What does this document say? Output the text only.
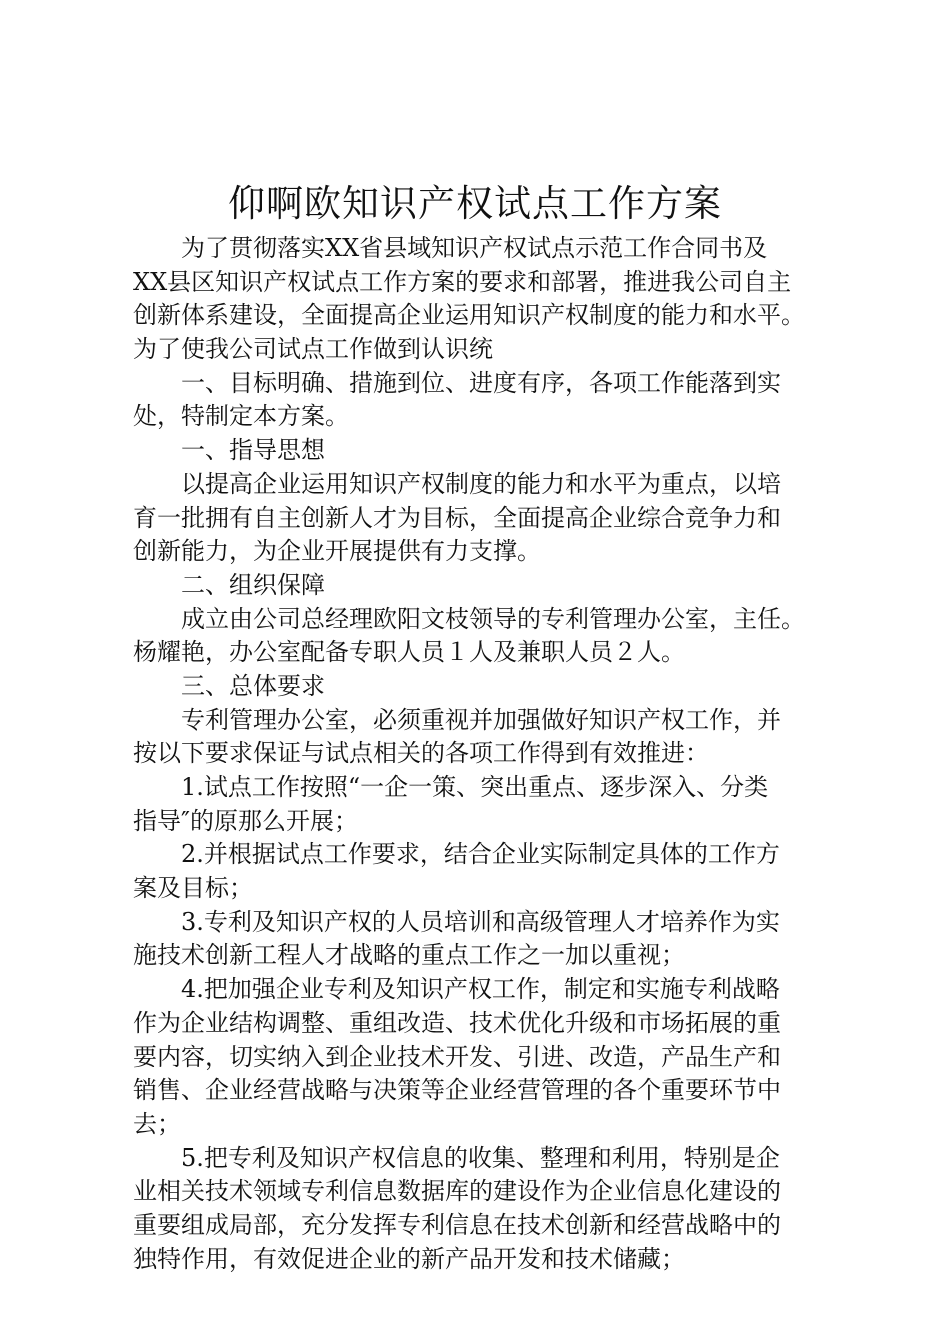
仰啊欧知识产权试点工作方案
为了贯彻落实XX省县域知识产权试点示范工作合同书及
XX县区知识产权试点工作方案的要求和部署，推进我公司自主
创新体系建设，全面提高企业运用知识产权制度的能力和水平。
为了使我公司试点工作做到认识统
一、目标明确、措施到位、进度有序，各项工作能落到实
处，特制定本方案。
一、指导思想
以提高企业运用知识产权制度的能力和水平为重点，以培
育一批拥有自主创新人才为目标，全面提高企业综合竞争力和
创新能力，为企业开展提供有力支撑。
二、组织保障
成立由公司总经理欧阳文枝领导的专利管理办公室，主任。
杨耀艳，办公室配备专职人员１人及兼职人员２人。
三、总体要求
专利管理办公室，必须重视并加强做好知识产权工作，并
按以下要求保证与试点相关的各项工作得到有效推进：
1.试点工作按照“一企一策、突出重点、逐步深入、分类
指导″的原那么开展；
2.并根据试点工作要求，结合企业实际制定具体的工作方
案及目标；
3.专利及知识产权的人员培训和高级管理人才培养作为实
施技术创新工程人才战略的重点工作之一加以重视；
4.把加强企业专利及知识产权工作，制定和实施专利战略
作为企业结构调整、重组改造、技术优化升级和市场拓展的重
要内容，切实纳入到企业技术开发、引进、改造，产品生产和
销售、企业经营战略与决策等企业经营管理的各个重要环节中
去；
5.把专利及知识产权信息的收集、整理和利用，特别是企
业相关技术领域专利信息数据库的建设作为企业信息化建设的
重要组成局部，充分发挥专利信息在技术创新和经营战略中的
独特作用，有效促进企业的新产品开发和技术储藏；
